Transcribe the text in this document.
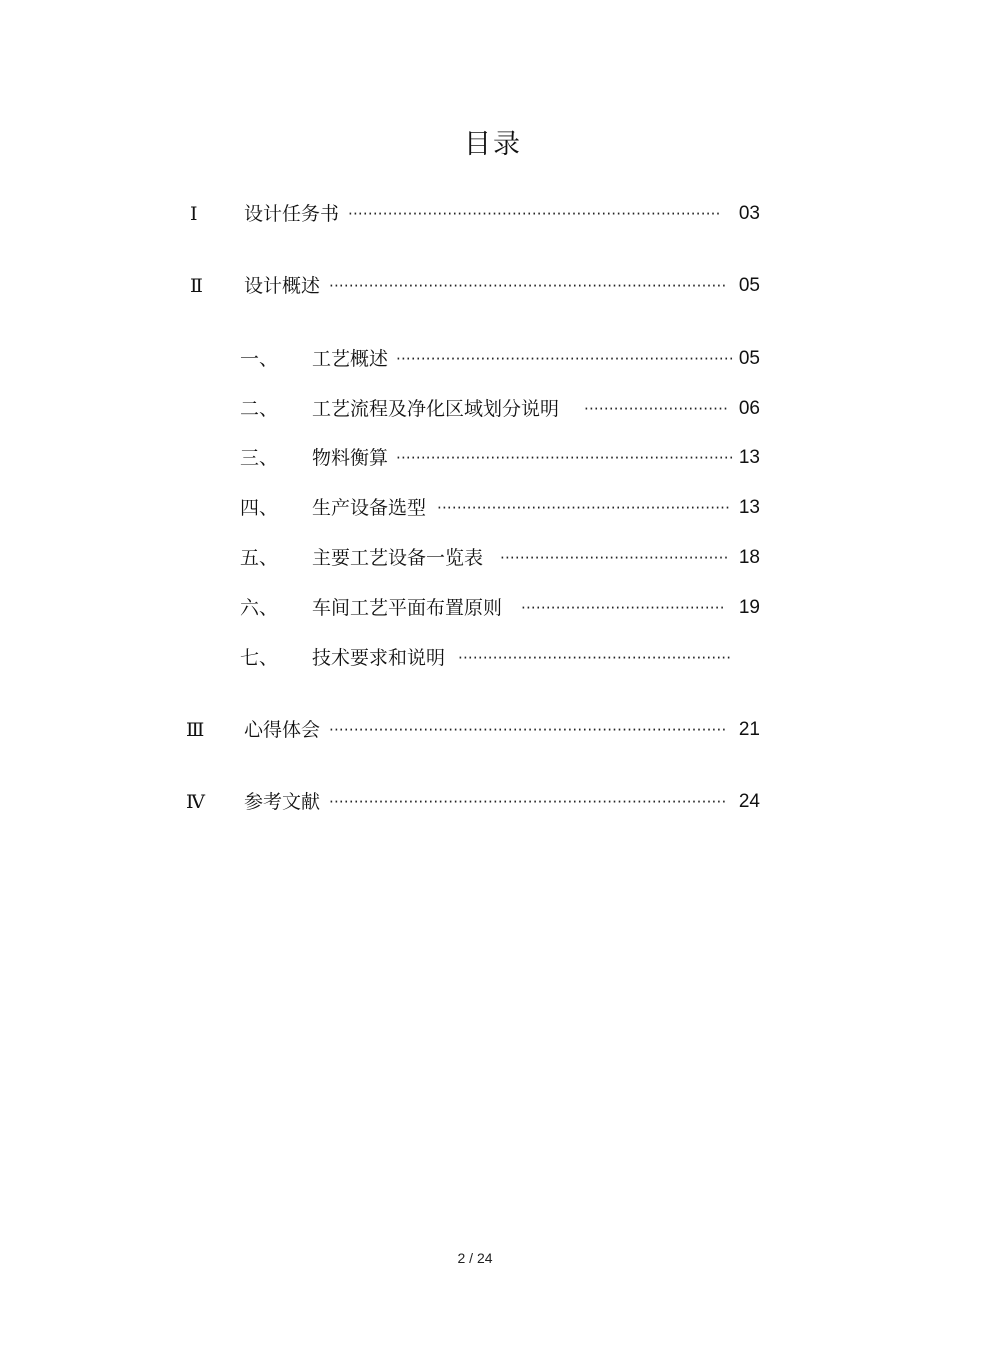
目录
Ⅰ 设计任务书 ··········································································· 03
Ⅱ 设计概述 ················································································ 05
一、 工艺概述 ···································································· 05
二、 工艺流程及净化区域划分说明 ····························· 06
三、 物料衡算 ···································································· 13
四、 生产设备选型 ··························································· 13
五、 主要工艺设备一览表 ·············································· 18
六、 车间工艺平面布置原则 ········································· 19
七、 技术要求和说明 ·······················································
Ⅲ 心得体会 ················································································ 21
Ⅳ 参考文献 ················································································ 24
2 / 24
